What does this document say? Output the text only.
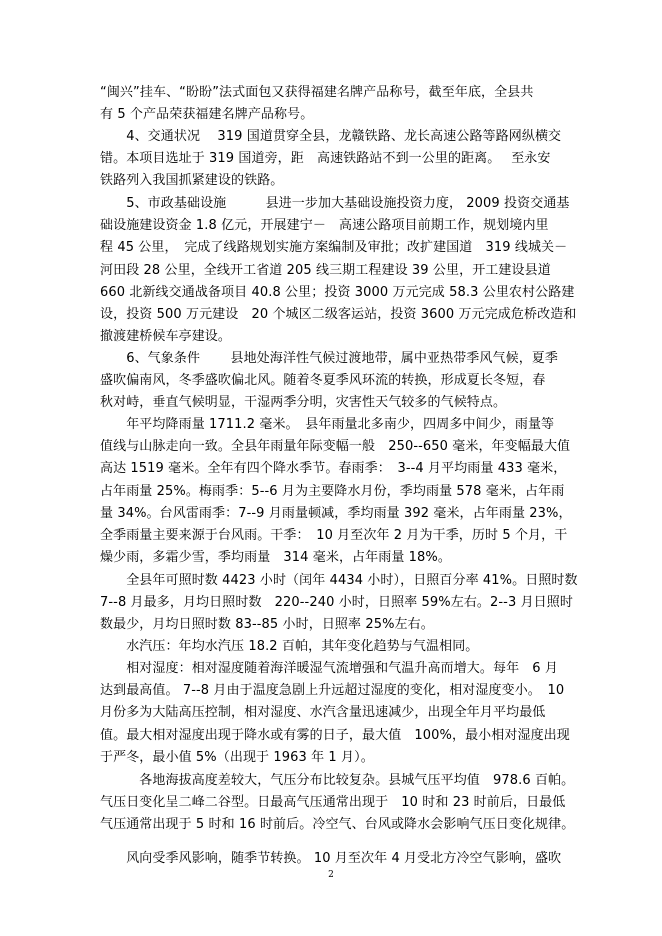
“闽兴”挂车、“盼盼”法式面包又获得福建名牌产品称号，截至年底，全县共
有 5 个产品荣获福建名牌产品称号。
　　4、交通状况　 319 国道贯穿全县，龙赣铁路、龙长高速公路等路网纵横交
错。本项目选址于 319 国道旁，距　高速铁路站不到一公里的距离。　 至永安
铁路列入我国抓紧建设的铁路。
　　5、市政基础设施　　　县进一步加大基础设施投资力度， 2009 投资交通基
础设施建设资金 1.8 亿元，开展建宁－　高速公路项目前期工作，规划境内里
程 45 公里，　完成了线路规划实施方案编制及审批；改扩建国道　319 线城关－
河田段 28 公里，全线开工省道 205 线三期工程建设 39 公里，开工建设县道
660 北新线交通战备项目 40.8 公里；投资 3000 万元完成 58.3 公里农村公路建
设，投资 500 万元建设　20 个城区二级客运站，投资 3600 万元完成危桥改造和
撤渡建桥候车亭建设。
　　6、气象条件　　 县地处海洋性气候过渡地带，属中亚热带季风气候，夏季
盛吹偏南风，冬季盛吹偏北风。随着冬夏季风环流的转换，形成夏长冬短，春
秋对峙，垂直气候明显，干湿两季分明，灾害性天气较多的气候特点。
　　年平均降雨量 1711.2 毫米。　县年雨量北多南少，四周多中间少，雨量等
值线与山脉走向一致。全县年雨量年际变幅一般　250--650 毫米，年变幅最大值
高达 1519 毫米。全年有四个降水季节。春雨季：　3--4 月平均雨量 433 毫米，
占年雨量 25%。梅雨季：5--6 月为主要降水月份，季均雨量 578 毫米，占年雨
量 34%。台风雷雨季：7--9 月雨量顿减，季均雨量 392 毫米，占年雨量 23%，
全季雨量主要来源于台风雨。干季：　10 月至次年 2 月为干季，历时 5 个月，干
燥少雨，多霜少雪，季均雨量　314 毫米，占年雨量 18%。
　　全县年可照时数 4423 小时（闰年 4434 小时），日照百分率 41%。日照时数
7--8 月最多，月均日照时数　220--240 小时，日照率 59%左右。2--3 月日照时
数最少，月均日照时数 83--85 小时，日照率 25%左右。
　　水汽压：年均水汽压 18.2 百帕，其年变化趋势与气温相同。
　　相对湿度：相对湿度随着海洋暖湿气流增强和气温升高而增大。每年　6 月
达到最高值。 7--8 月由于温度急剧上升远超过湿度的变化，相对湿度变小。　10
月份多为大陆高压控制，相对湿度、水汽含量迅速减少，出现全年月平均最低
值。最大相对湿度出现于降水或有雾的日子，最大值　100%，最小相对湿度出现
于严冬，最小值 5%（出现于 1963 年 1 月）。
　　　各地海拔高度差较大，气压分布比较复杂。县城气压平均值　978.6 百帕。
气压日变化呈二峰二谷型。日最高气压通常出现于　10 时和 23 时前后，日最低
气压通常出现于 5 时和 16 时前后。冷空气、台风或降水会影响气压日变化规律。
　　风向受季风影响，随季节转换。 10 月至次年 4 月受北方冷空气影响，盛吹
2
